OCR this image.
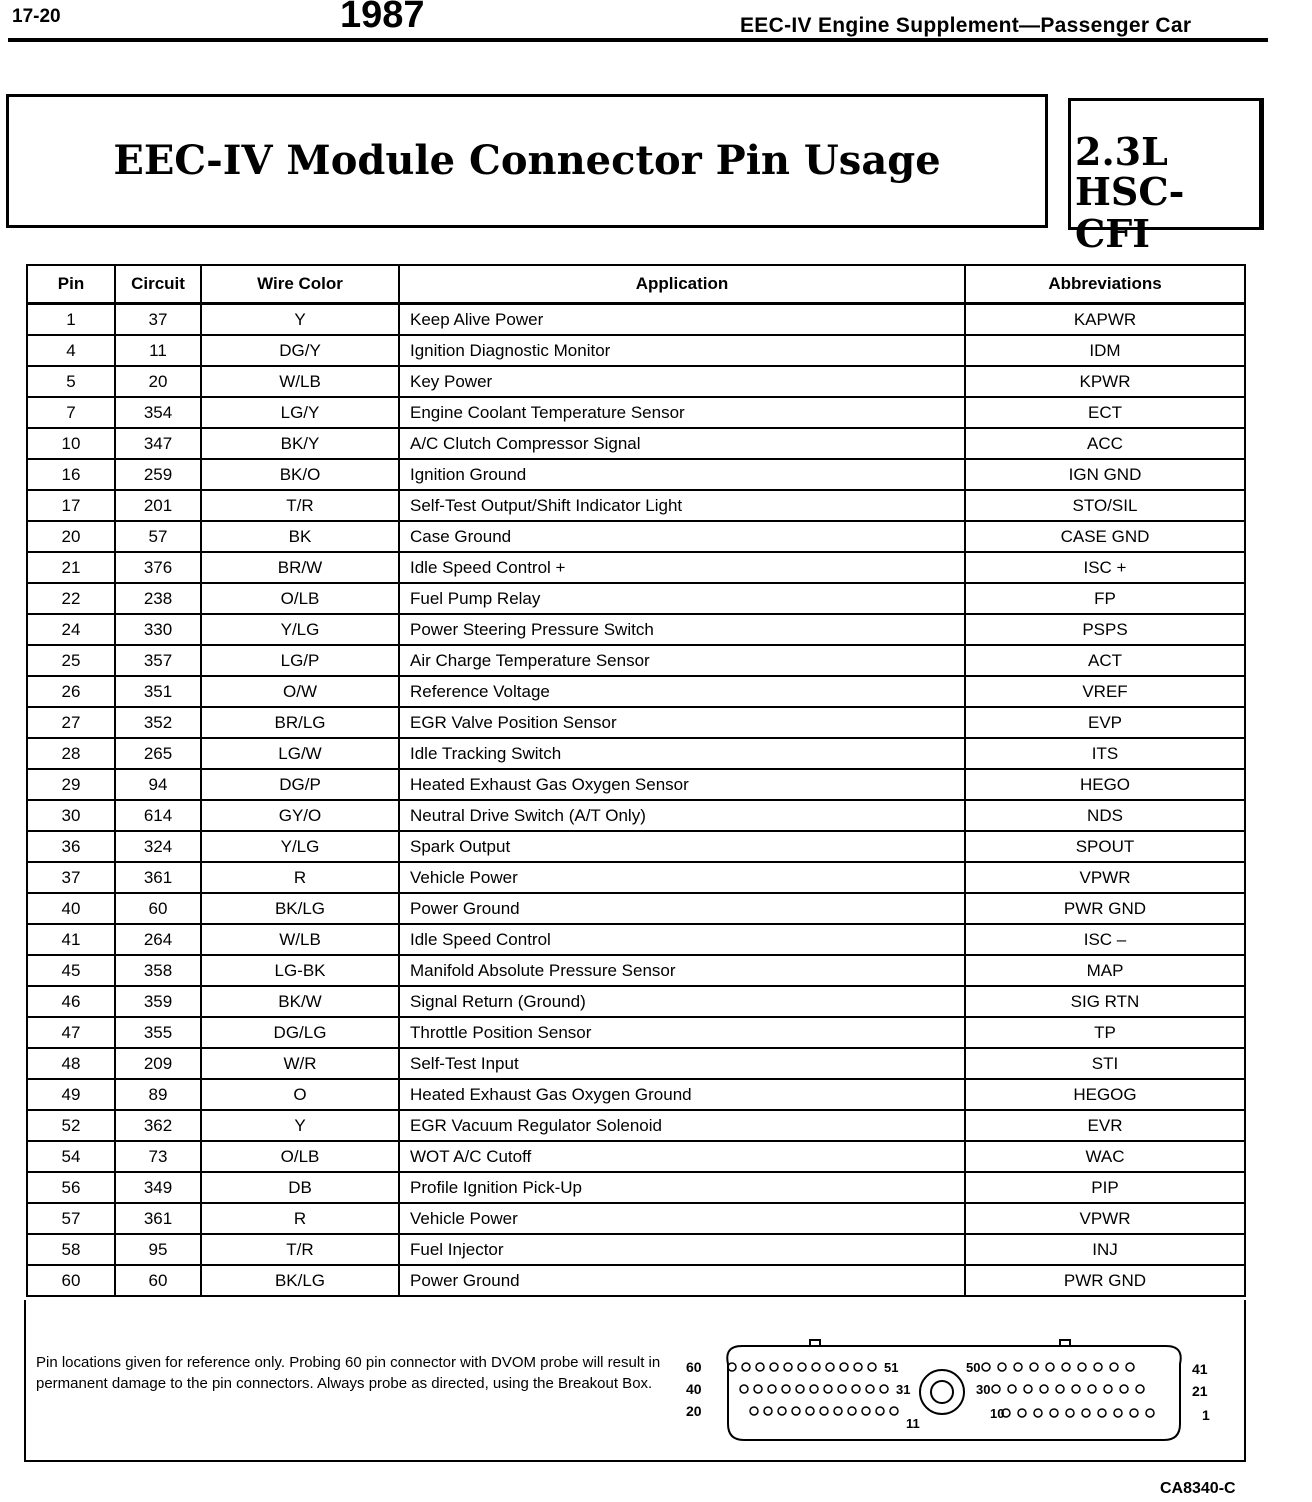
17-20	1987	EEC-IV Engine Supplement—Passenger Car
EEC-IV Module Connector Pin Usage	2.3L
HSC-CFI
Pin	Circuit	Wire Color	Application	Abbreviations
1	37	Y	Keep Alive Power	KAPWR
4	11	DG/Y	Ignition Diagnostic Monitor	IDM
5	20	W/LB	Key Power	KPWR
7	354	LG/Y	Engine Coolant Temperature Sensor	ECT
10	347	BK/Y	A/C Clutch Compressor Signal	ACC
16	259	BK/O	Ignition Ground	IGN GND
17	201	T/R	Self-Test Output/Shift Indicator Light	STO/SIL
20	57	BK	Case Ground	CASE GND
21	376	BR/W	Idle Speed Control +	ISC +
22	238	O/LB	Fuel Pump Relay	FP
24	330	Y/LG	Power Steering Pressure Switch	PSPS
25	357	LG/P	Air Charge Temperature Sensor	ACT
26	351	O/W	Reference Voltage	VREF
27	352	BR/LG	EGR Valve Position Sensor	EVP
28	265	LG/W	Idle Tracking Switch	ITS
29	94	DG/P	Heated Exhaust Gas Oxygen Sensor	HEGO
30	614	GY/O	Neutral Drive Switch (A/T Only)	NDS
36	324	Y/LG	Spark Output	SPOUT
37	361	R	Vehicle Power	VPWR
40	60	BK/LG	Power Ground	PWR GND
41	264	W/LB	Idle Speed Control	ISC –
45	358	LG-BK	Manifold Absolute Pressure Sensor	MAP
46	359	BK/W	Signal Return (Ground)	SIG RTN
47	355	DG/LG	Throttle Position Sensor	TP
48	209	W/R	Self-Test Input	STI
49	89	O	Heated Exhaust Gas Oxygen Ground	HEGOG
52	362	Y	EGR Vacuum Regulator Solenoid	EVR
54	73	O/LB	WOT A/C Cutoff	WAC
56	349	DB	Profile Ignition Pick-Up	PIP
57	361	R	Vehicle Power	VPWR
58	95	T/R	Fuel Injector	INJ
60	60	BK/LG	Power Ground	PWR GND
Pin locations given for reference only. Probing 60 pin connector with DVOM probe will result in permanent damage to the pin connectors. Always probe as directed, using the Breakout Box.
60
40
20
41
21
1
51
31
11
50
30
10
CA8340-C
